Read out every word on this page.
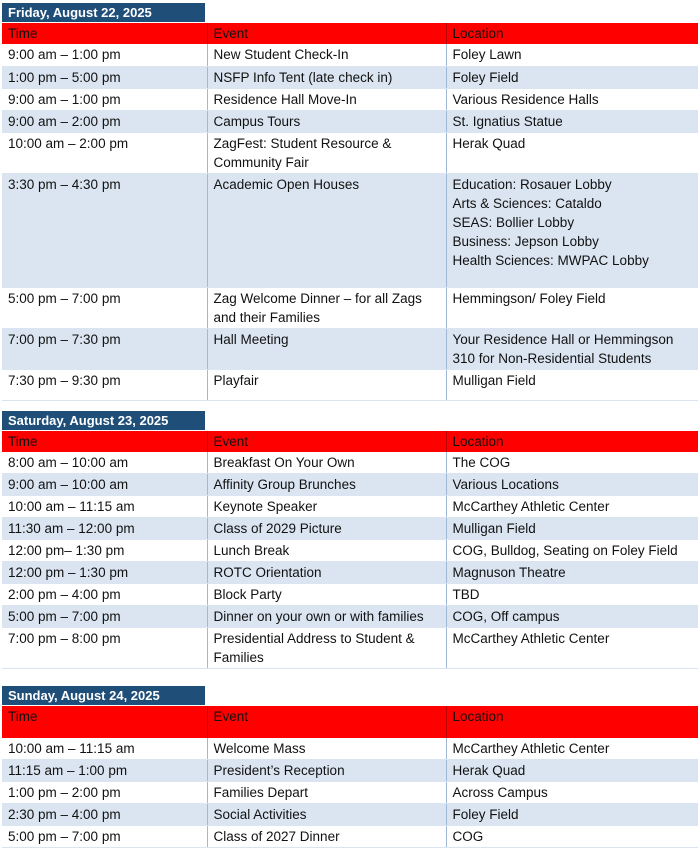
Friday, August 22, 2025
Time	Event	Location
9:00 am – 1:00 pm	New Student Check-In	Foley Lawn

1:00 pm – 5:00 pm	NSFP Info Tent (late check in)	Foley Field

9:00 am – 1:00 pm	Residence Hall Move-In	Various Residence Halls

9:00 am – 2:00 pm	Campus Tours	St. Ignatius Statue

10:00 am – 2:00 pm	ZagFest: Student Resource & Community Fair	Herak Quad

3:30 pm – 4:30 pm	Academic Open Houses	Education: Rosauer Lobby
Arts & Sciences: Cataldo
SEAS: Bollier Lobby
Business: Jepson Lobby
Health Sciences: MWPAC Lobby

5:00 pm – 7:00 pm	Zag Welcome Dinner – for all Zags and their Families	Hemmingson/ Foley Field

7:00 pm – 7:30 pm	Hall Meeting	Your Residence Hall or Hemmingson 310 for Non-Residential Students

7:30 pm – 9:30 pm	Playfair	Mulligan Field
Saturday, August 23, 2025
Time	Event	Location
8:00 am – 10:00 am	Breakfast On Your Own	The COG

9:00 am – 10:00 am	Affinity Group Brunches	Various Locations

10:00 am – 11:15 am	Keynote Speaker	McCarthey Athletic Center

11:30 am – 12:00 pm	Class of 2029 Picture	Mulligan Field

12:00 pm– 1:30 pm	Lunch Break	COG, Bulldog, Seating on Foley Field

12:00 pm – 1:30 pm	ROTC Orientation	Magnuson Theatre

2:00 pm – 4:00 pm	Block Party	TBD

5:00 pm – 7:00 pm	Dinner on your own or with families	COG, Off campus

7:00 pm – 8:00 pm	Presidential Address to Student & Families	McCarthey Athletic Center
Sunday, August 24, 2025
Time	Event	Location
10:00 am – 11:15 am	Welcome Mass	McCarthey Athletic Center

11:15 am – 1:00 pm	President’s Reception	Herak Quad

1:00 pm – 2:00 pm	Families Depart	Across Campus

2:30 pm – 4:00 pm	Social Activities	Foley Field

5:00 pm – 7:00 pm	Class of 2027 Dinner	COG
